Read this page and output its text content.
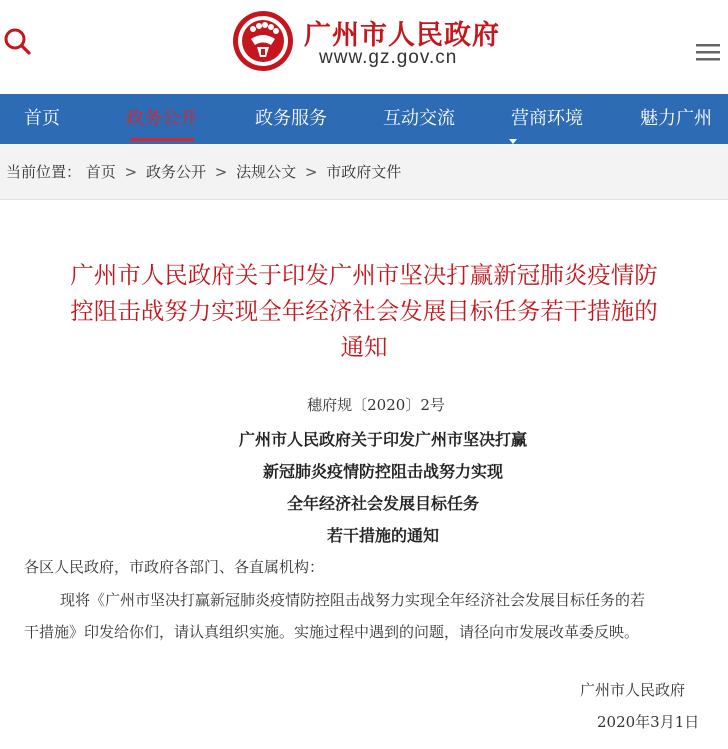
广州市人民政府
www.gz.gov.cn
首页	政务公开	政务服务	互动交流	营商环境	魅力广州
当前位置： 首页 > 政务公开 > 法规公文 > 市政府文件
广州市人民政府关于印发广州市坚决打赢新冠肺炎疫情防
控阻击战努力实现全年经济社会发展目标任务若干措施的
通知
穗府规〔2020〕2号
广州市人民政府关于印发广州市坚决打赢
新冠肺炎疫情防控阻击战努力实现
全年经济社会发展目标任务
若干措施的通知
各区人民政府，市政府各部门、各直属机构：
现将《广州市坚决打赢新冠肺炎疫情防控阻击战努力实现全年经济社会发展目标任务的若
干措施》印发给你们，请认真组织实施。实施过程中遇到的问题，请径向市发展改革委反映。
广州市人民政府
2020年3月1日
